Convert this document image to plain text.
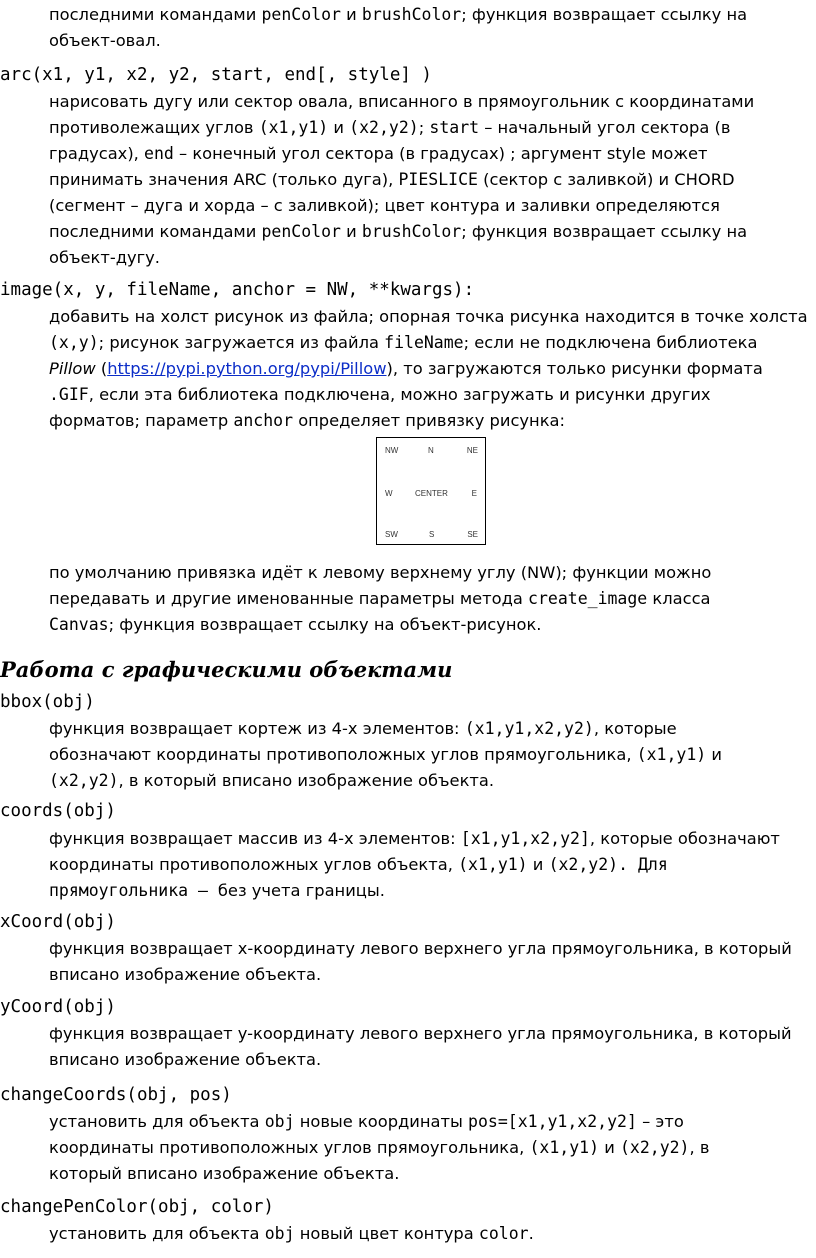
последними командами penColor и brushColor; функция возвращает ссылку на
объект-овал.
arc(x1, y1, x2, y2, start, end[, style] )
нарисовать дугу или сектор овала, вписанного в прямоугольник с координатами
противолежащих углов (x1,y1) и (x2,y2); start – начальный угол сектора (в
градусах), end – конечный угол сектора (в градусах) ; аргумент style может
принимать значения ARC (только дуга), PIESLICE (сектор с заливкой) и CHORD
(сегмент – дуга и хорда – с заливкой); цвет контура и заливки определяются
последними командами penColor и brushColor; функция возвращает ссылку на
объект-дугу.
image(x, y, fileName, anchor = NW, **kwargs):
добавить на холст рисунок из файла; опорная точка рисунка находится в точке холста
(x,y); рисунок загружается из файла fileName; если не подключена библиотека
Pillow (https://pypi.python.org/pypi/Pillow), то загружаются только рисунки формата
.GIF, если эта библиотека подключена, можно загружать и рисунки других
форматов; параметр anchor определяет привязку рисунка:
NW	N	NE
W	CENTER	E
SW	S	SE
по умолчанию привязка идёт к левому верхнему углу (NW); функции можно
передавать и другие именованные параметры метода create_image класса
Canvas; функция возвращает ссылку на объект-рисунок.
Работа с графическими объектами
bbox(obj)
функция возвращает кортеж из 4-х элементов: (x1,y1,x2,y2), которые
обозначают координаты противоположных углов прямоугольника, (x1,y1) и
(x2,y2), в который вписано изображение объекта.
coords(obj)
функция возвращает массив из 4-х элементов: [x1,y1,x2,y2], которые обозначают
координаты противоположных углов объекта, (x1,y1) и (x2,y2). Для
прямоугольника – без учета границы.
xCoord(obj)
функция возвращает x-координату левого верхнего угла прямоугольника, в который
вписано изображение объекта.
yCoord(obj)
функция возвращает y-координату левого верхнего угла прямоугольника, в который
вписано изображение объекта.
changeCoords(obj, pos)
установить для объекта obj новые координаты pos=[x1,y1,x2,y2] – это
координаты противоположных углов прямоугольника, (x1,y1) и (x2,y2), в
который вписано изображение объекта.
changePenColor(obj, color)
установить для объекта obj новый цвет контура color.
